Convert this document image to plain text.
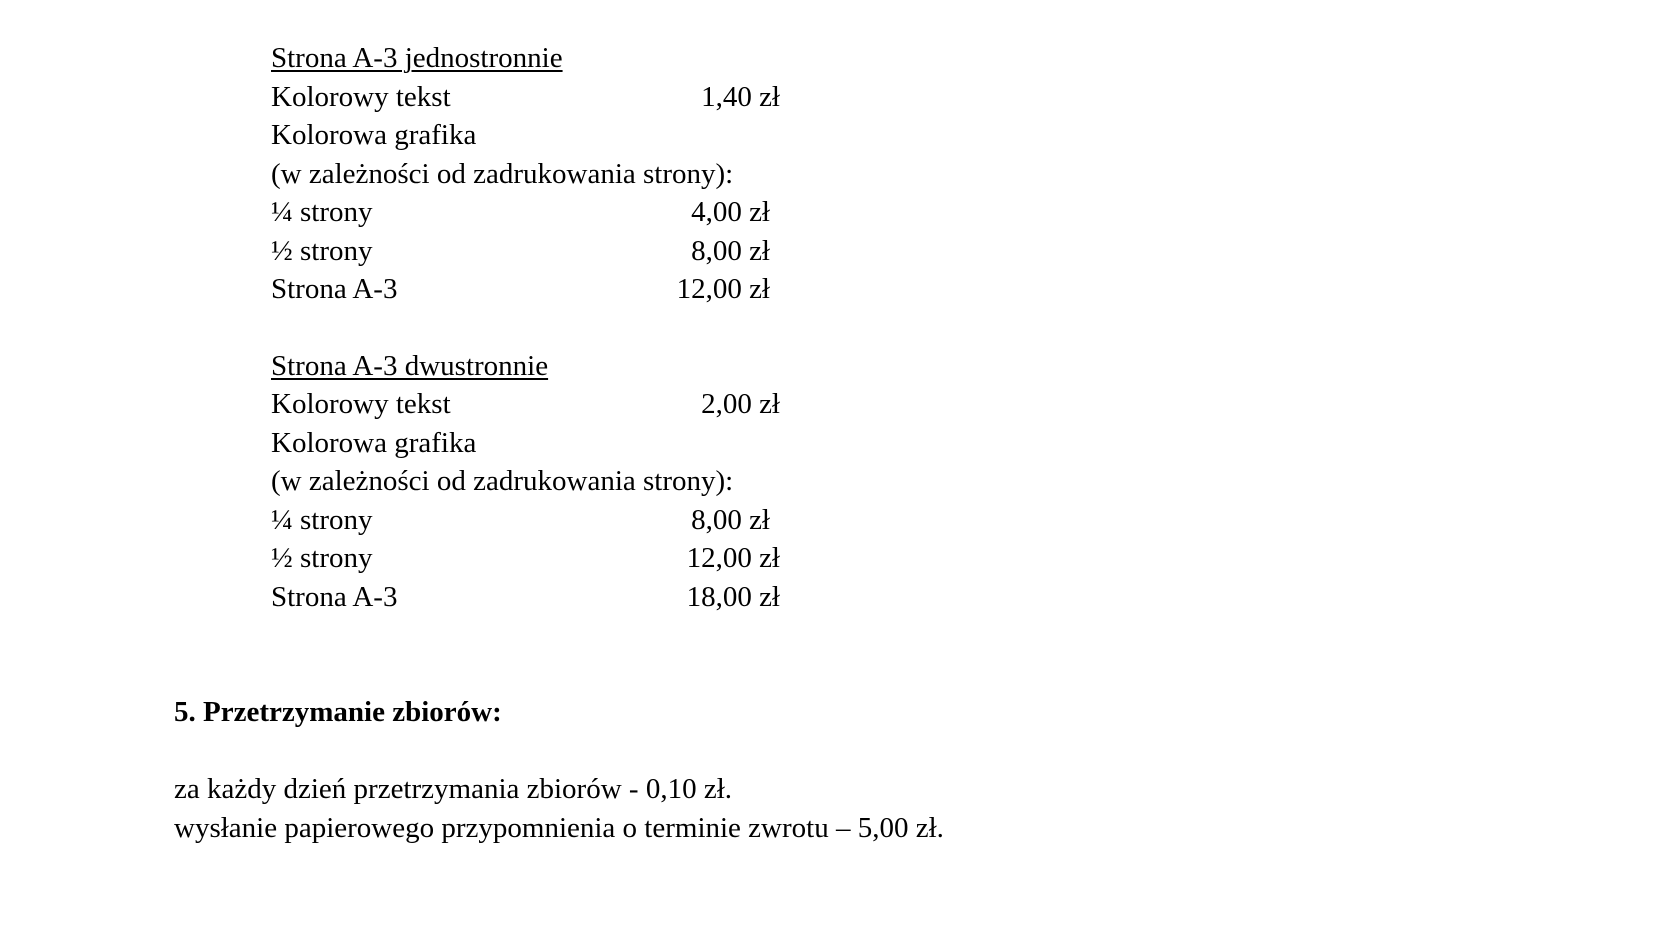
Strona A-3 jednostronnie
Kolorowy tekst	1,40 zł
Kolorowa grafika
(w zależności od zadrukowania strony):
¼ strony	4,00 zł
½ strony	8,00 zł
Strona A-3	12,00 zł
Strona A-3 dwustronnie
Kolorowy tekst	2,00 zł
Kolorowa grafika
(w zależności od zadrukowania strony):
¼ strony	8,00 zł
½ strony	12,00 zł
Strona A-3	18,00 zł
5. Przetrzymanie zbiorów:
za każdy dzień przetrzymania zbiorów - 0,10 zł.
wysłanie papierowego przypomnienia o terminie zwrotu – 5,00 zł.
